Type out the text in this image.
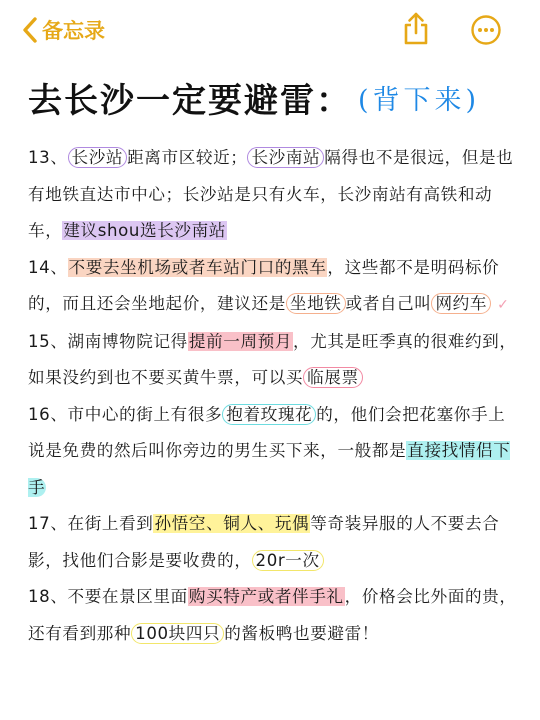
备忘录
去长沙一定要避雷： (背下来)
13、 长沙站 距离市区较近； 长沙南站 隔得也不是很远，但是也有地铁直达市中心；长沙站是只有火车，长沙南站有高铁和动车，建议shou选长沙南站
14、不要去坐机场或者车站门口的黑车，这些都不是明码标价的，而且还会坐地起价，建议还是 坐地铁 或者自己叫 网约车 ✓
15、湖南博物院记得提前一周预月，尤其是旺季真的很难约到，如果没约到也不要买黄牛票，可以买 临展票
16、市中心的街上有很多 抱着玫瑰花 的，他们会把花塞你手上说是免费的然后叫你旁边的男生买下来，一般都是直接找情侣下手
17、在街上看到孙悟空、铜人、玩偶等奇装异服的人不要去合影，找他们合影是要收费的， 20r一次
18、不要在景区里面购买特产或者伴手礼，价格会比外面的贵，还有看到那种 100块四只 的酱板鸭也要避雷！
